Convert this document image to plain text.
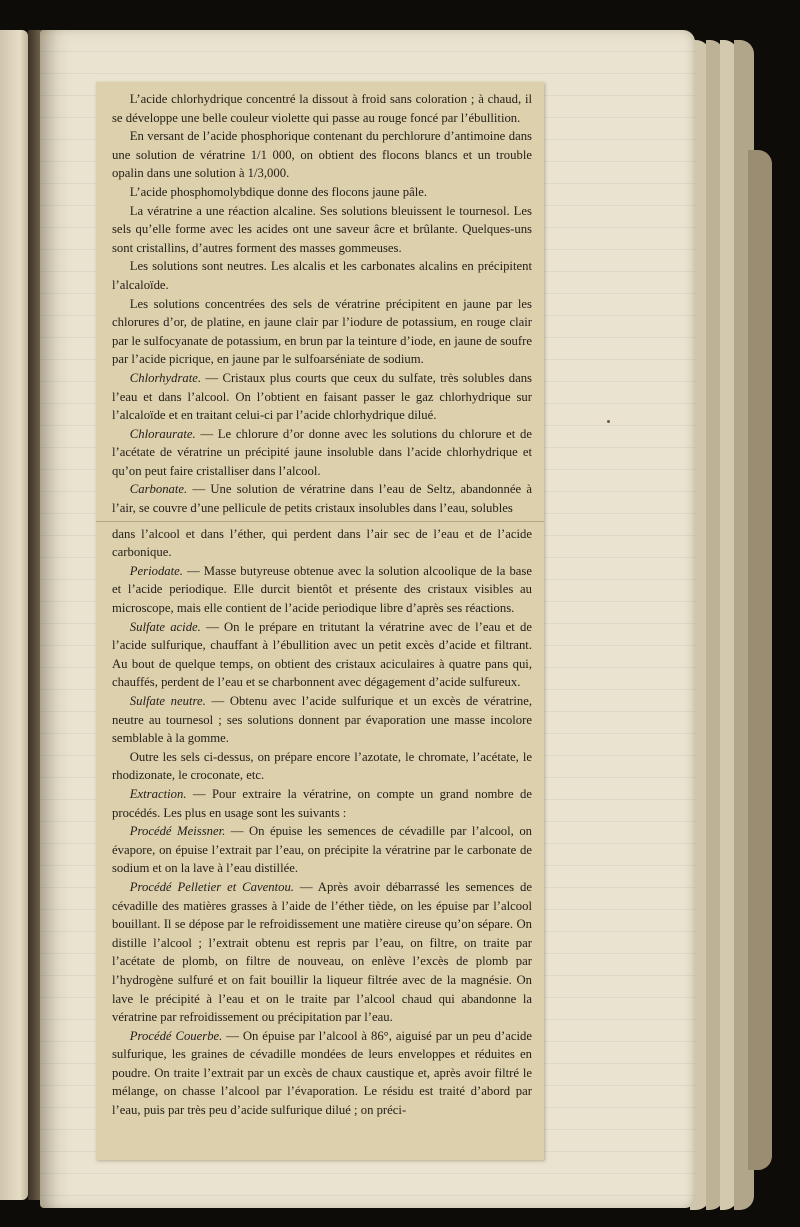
L’acide chlorhydrique concentré la dissout à froid sans coloration ; à chaud, il se développe une belle couleur violette qui passe au rouge foncé par l’ébullition.

En versant de l’acide phosphorique contenant du perchlorure d’antimoine dans une solution de vératrine 1/1 000, on obtient des flocons blancs et un trouble opalin dans une solution à 1/3,000.

L’acide phosphomolybdique donne des flocons jaune pâle.

La vératrine a une réaction alcaline. Ses solutions bleuissent le tournesol. Les sels qu’elle forme avec les acides ont une saveur âcre et brûlante. Quelques-uns sont cristallins, d’autres forment des masses gommeuses.

Les solutions sont neutres. Les alcalis et les carbonates alcalins en précipitent l’alcaloïde.

Les solutions concentrées des sels de vératrine précipitent en jaune par les chlorures d’or, de platine, en jaune clair par l’iodure de potassium, en rouge clair par le sulfocyanate de potassium, en brun par la teinture d’iode, en jaune de soufre par l’acide picrique, en jaune par le sulfoarséniate de sodium.

Chlorhydrate. — Cristaux plus courts que ceux du sulfate, très solubles dans l’eau et dans l’alcool. On l’obtient en faisant passer le gaz chlorhydrique sur l’alcaloïde et en traitant celui-ci par l’acide chlorhydrique dilué.

Chloraurate. — Le chlorure d’or donne avec les solutions du chlorure et de l’acétate de vératrine un précipité jaune insoluble dans l’acide chlorhydrique et qu’on peut faire cristalliser dans l’alcool.

Carbonate. — Une solution de vératrine dans l’eau de Seltz, abandonnée à l’air, se couvre d’une pellicule de petits cristaux insolubles dans l’eau, solubles

dans l’alcool et dans l’éther, qui perdent dans l’air sec de l’eau et de l’acide carbonique.

Periodate. — Masse butyreuse obtenue avec la solution alcoolique de la base et l’acide periodique. Elle durcit bientôt et présente des cristaux visibles au microscope, mais elle contient de l’acide periodique libre d’après ses réactions.

Sulfate acide. — On le prépare en tritutant la vératrine avec de l’eau et de l’acide sulfurique, chauffant à l’ébullition avec un petit excès d’acide et filtrant. Au bout de quelque temps, on obtient des cristaux aciculaires à quatre pans qui, chauffés, perdent de l’eau et se charbonnent avec dégagement d’acide sulfureux.

Sulfate neutre. — Obtenu avec l’acide sulfurique et un excès de vératrine, neutre au tournesol ; ses solutions donnent par évaporation une masse incolore semblable à la gomme.

Outre les sels ci-dessus, on prépare encore l’azotate, le chromate, l’acétate, le rhodizonate, le croconate, etc.

Extraction. — Pour extraire la vératrine, on compte un grand nombre de procédés. Les plus en usage sont les suivants :

Procédé Meissner. — On épuise les semences de cévadille par l’alcool, on évapore, on épuise l’extrait par l’eau, on précipite la vératrine par le carbonate de sodium et on la lave à l’eau distillée.

Procédé Pelletier et Caventou. — Après avoir débarrassé les semences de cévadille des matières grasses à l’aide de l’éther tiède, on les épuise par l’alcool bouillant. Il se dépose par le refroidissement une matière cireuse qu’on sépare. On distille l’alcool ; l’extrait obtenu est repris par l’eau, on filtre, on traite par l’acétate de plomb, on filtre de nouveau, on enlève l’excès de plomb par l’hydrogène sulfuré et on fait bouillir la liqueur filtrée avec de la magnésie. On lave le précipité à l’eau et on le traite par l’alcool chaud qui abandonne la vératrine par refroidissement ou précipitation par l’eau.

Procédé Couerbe. — On épuise par l’alcool à 86°, aiguisé par un peu d’acide sulfurique, les graines de cévadille mondées de leurs enveloppes et réduites en poudre. On traite l’extrait par un excès de chaux caustique et, après avoir filtré le mélange, on chasse l’alcool par l’évaporation. Le résidu est traité d’abord par l’eau, puis par très peu d’acide sulfurique dilué ; on préci-
